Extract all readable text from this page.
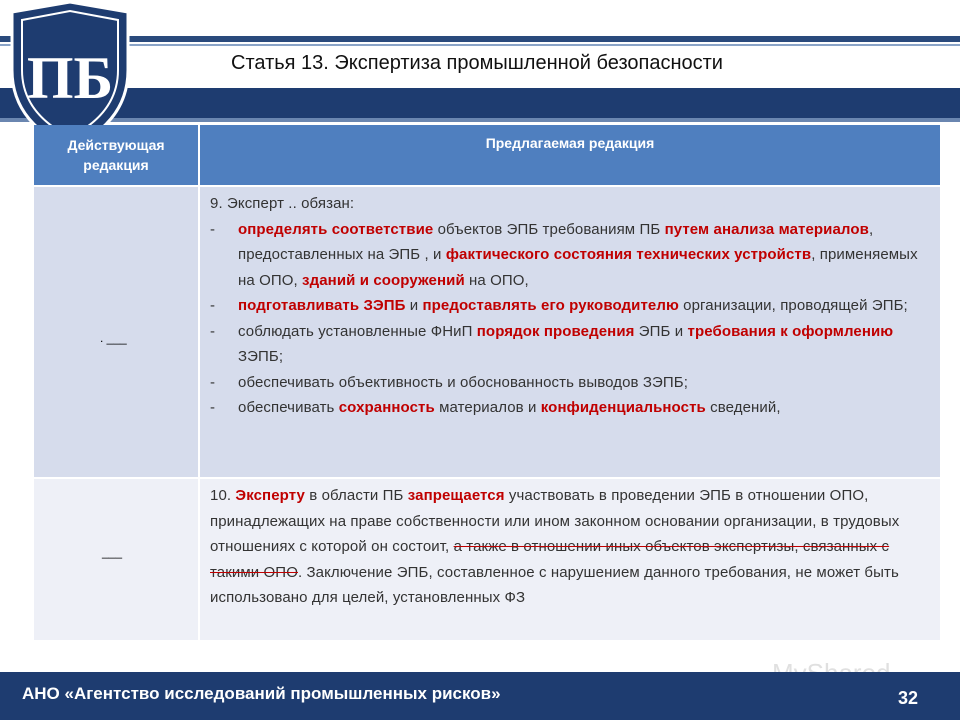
Статья 13. Экспертиза промышленной безопасности
ПБ
Действующая редакция
Предлагаемая редакция
. ___
9. Эксперт .. обязан:
- определять соответствие объектов ЭПБ требованиям ПБ путем анализа материалов, предоставленных на ЭПБ , и фактического состояния технических устройств, применяемых на ОПО, зданий и сооружений на ОПО,
- подготавливать ЗЭПБ и предоставлять его руководителю организации, проводящей ЭПБ;
- соблюдать установленные ФНиП порядок проведения ЭПБ и требования к оформлению ЗЭПБ;
- обеспечивать объективность и обоснованность выводов ЗЭПБ;
- обеспечивать сохранность материалов и конфиденциальность сведений,
___
10. Эксперту в области ПБ запрещается участвовать в проведении ЭПБ в отношении ОПО, принадлежащих на праве собственности или ином законном основании организации, в трудовых отношениях с которой он состоит, а также в отношении иных объектов экспертизы, связанных с такими ОПО. Заключение ЭПБ, составленное с нарушением данного требования, не может быть использовано для целей, установленных ФЗ
АНО «Агентство исследований промышленных рисков»	32
